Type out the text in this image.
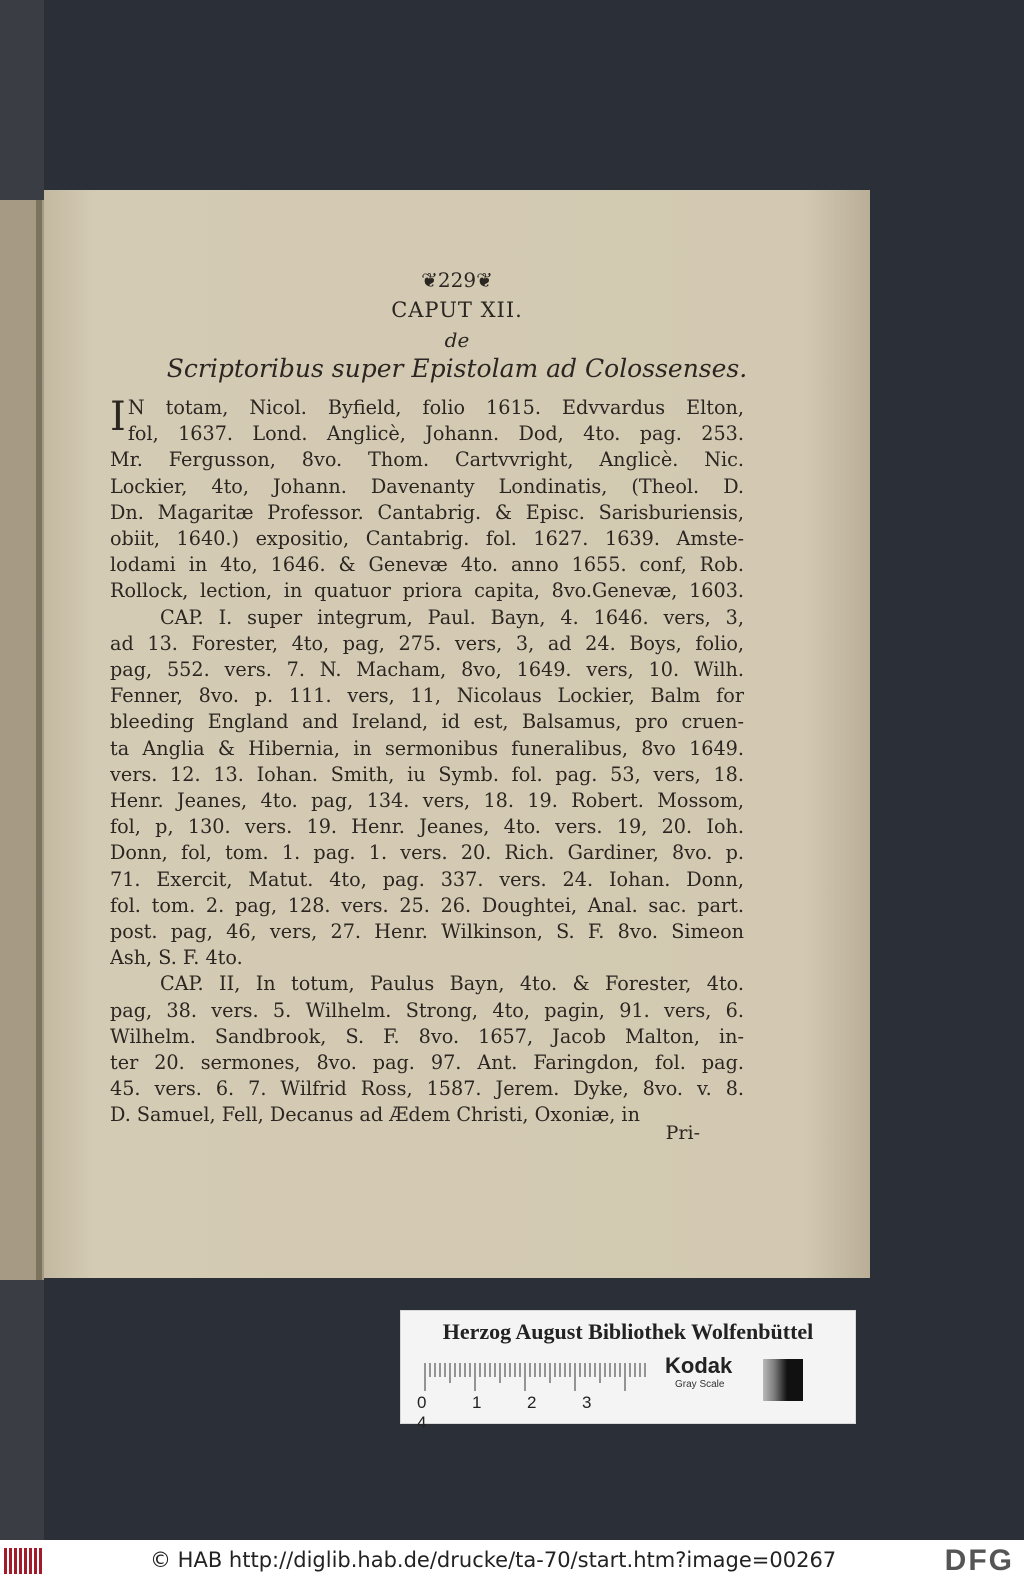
❦229❦
CAPUT XII.
de
Scriptoribus super Epistolam ad Colossenses.
I N totam, Nicol. Byfield, folio 1615. Edvvardus Elton,
fol, 1637. Lond. Anglicè, Johann. Dod, 4to. pag. 253.
Mr. Fergusson, 8vo. Thom. Cartvvright, Anglicè. Nic.
Lockier, 4to, Johann. Davenanty Londinatis, (Theol. D.
Dn. Magaritæ Professor. Cantabrig. & Episc. Sarisburiensis,
obiit, 1640.) expositio, Cantabrig. fol. 1627. 1639. Amste-
lodami in 4to, 1646. & Genevæ 4to. anno 1655. conf, Rob.
Rollock, lection, in quatuor priora capita, 8vo.Genevæ, 1603.
CAP. I. super integrum, Paul. Bayn, 4. 1646. vers, 3,
ad 13. Forester, 4to, pag, 275. vers, 3, ad 24. Boys, folio,
pag, 552. vers. 7. N. Macham, 8vo, 1649. vers, 10. Wilh.
Fenner, 8vo. p. 111. vers, 11, Nicolaus Lockier, Balm for
bleeding England and Ireland, id est, Balsamus, pro cruen-
ta Anglia & Hibernia, in sermonibus funeralibus, 8vo 1649.
vers. 12. 13. Iohan. Smith, iu Symb. fol. pag. 53, vers, 18.
Henr. Jeanes, 4to. pag, 134. vers, 18. 19. Robert. Mossom,
fol, p, 130. vers. 19. Henr. Jeanes, 4to. vers. 19, 20. Ioh.
Donn, fol, tom. 1. pag. 1. vers. 20. Rich. Gardiner, 8vo. p.
71. Exercit, Matut. 4to, pag. 337. vers. 24. Iohan. Donn,
fol. tom. 2. pag, 128. vers. 25. 26. Doughtei, Anal. sac. part.
post. pag, 46, vers, 27. Henr. Wilkinson, S. F. 8vo. Simeon
Ash, S. F. 4to.
CAP. II, In totum, Paulus Bayn, 4to. & Forester, 4to.
pag, 38. vers. 5. Wilhelm. Strong, 4to, pagin, 91. vers, 6.
Wilhelm. Sandbrook, S. F. 8vo. 1657, Jacob Malton, in-
ter 20. sermones, 8vo. pag. 97. Ant. Faringdon, fol. pag.
45. vers. 6. 7. Wilfrid Ross, 1587. Jerem. Dyke, 8vo. v. 8.
D. Samuel, Fell, Decanus ad Ædem Christi, Oxoniæ, in
Pri-
Herzog August Bibliothek Wolfenbüttel
0	1	2	34
Kodak
Gray Scale
© HAB http://diglib.hab.de/drucke/ta-70/start.htm?image=00267	DFG
